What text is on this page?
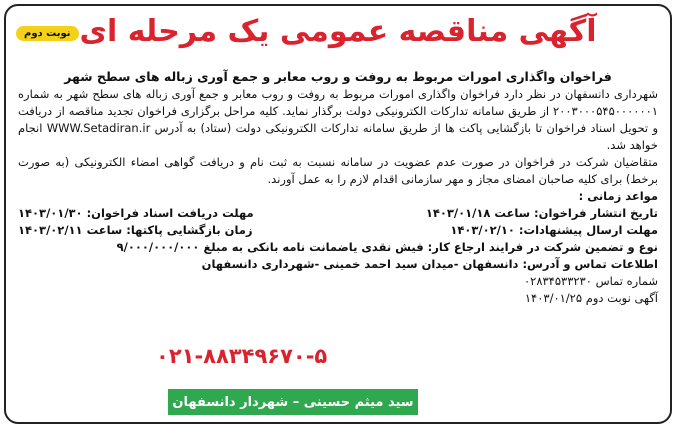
نوبت دوم آگهی مناقصه عمومی یک مرحله ای

فراخوان واگذاری امورات مربوط به روفت و روب معابر و جمع آوری زباله های سطح شهر

شهرداری دانسفهان در نظر دارد فراخوان واگذاری امورات مربوط به روفت و روب معابر و جمع آوری زباله های سطح شهر به شماره ۲۰۰۳۰۰۰۵۴۵۰۰۰۰۰۰۱ از طریق سامانه تدارکات الکترونیکی دولت برگذار نماید. کلیه مراحل برگزاری فراخوان تجدید مناقصه از دریافت و تحویل اسناد فراخوان تا بازگشایی پاکت ها از طریق سامانه تدارکات الکترونیکی دولت (ستاد) به آدرس WWW.Setadiran.ir انجام خواهد شد.

متقاضیان شرکت در فراخوان در صورت عدم عضویت در سامانه نسبت به ثبت نام و دریافت گواهی امضاء الکترونیکی (به صورت برخط) برای کلیه صاحبان امضای مجاز و مهر سازمانی اقدام لازم را به عمل آورند.

مواعد زمانی :

تاریخ انتشار فراخوان: ساعت ۱۴۰۳/۰۱/۱۸
مهلت دریافت اسناد فراخوان: ۱۴۰۳/۰۱/۳۰
مهلت ارسال پیشنهادات: ۱۴۰۳/۰۲/۱۰
زمان بازگشایی پاکتها: ساعت ۱۴۰۳/۰۲/۱۱

نوع و تضمین شرکت در فرایند ارجاع کار: فیش نقدی یاضمانت نامه بانکی به مبلغ ۹/۰۰۰/۰۰۰/۰۰۰

اطلاعات تماس و آدرس: دانسفهان -میدان سید احمد خمینی -شهرداری دانسفهان

شماره تماس ۰۲۸۳۴۵۳۳۲۳۰

آگهی نوبت دوم ۱۴۰۳/۰۱/۲۵

۰۲۱-۸۸۳۴۹۶۷۰-۵
سید میثم حسینی – شهردار دانسفهان
